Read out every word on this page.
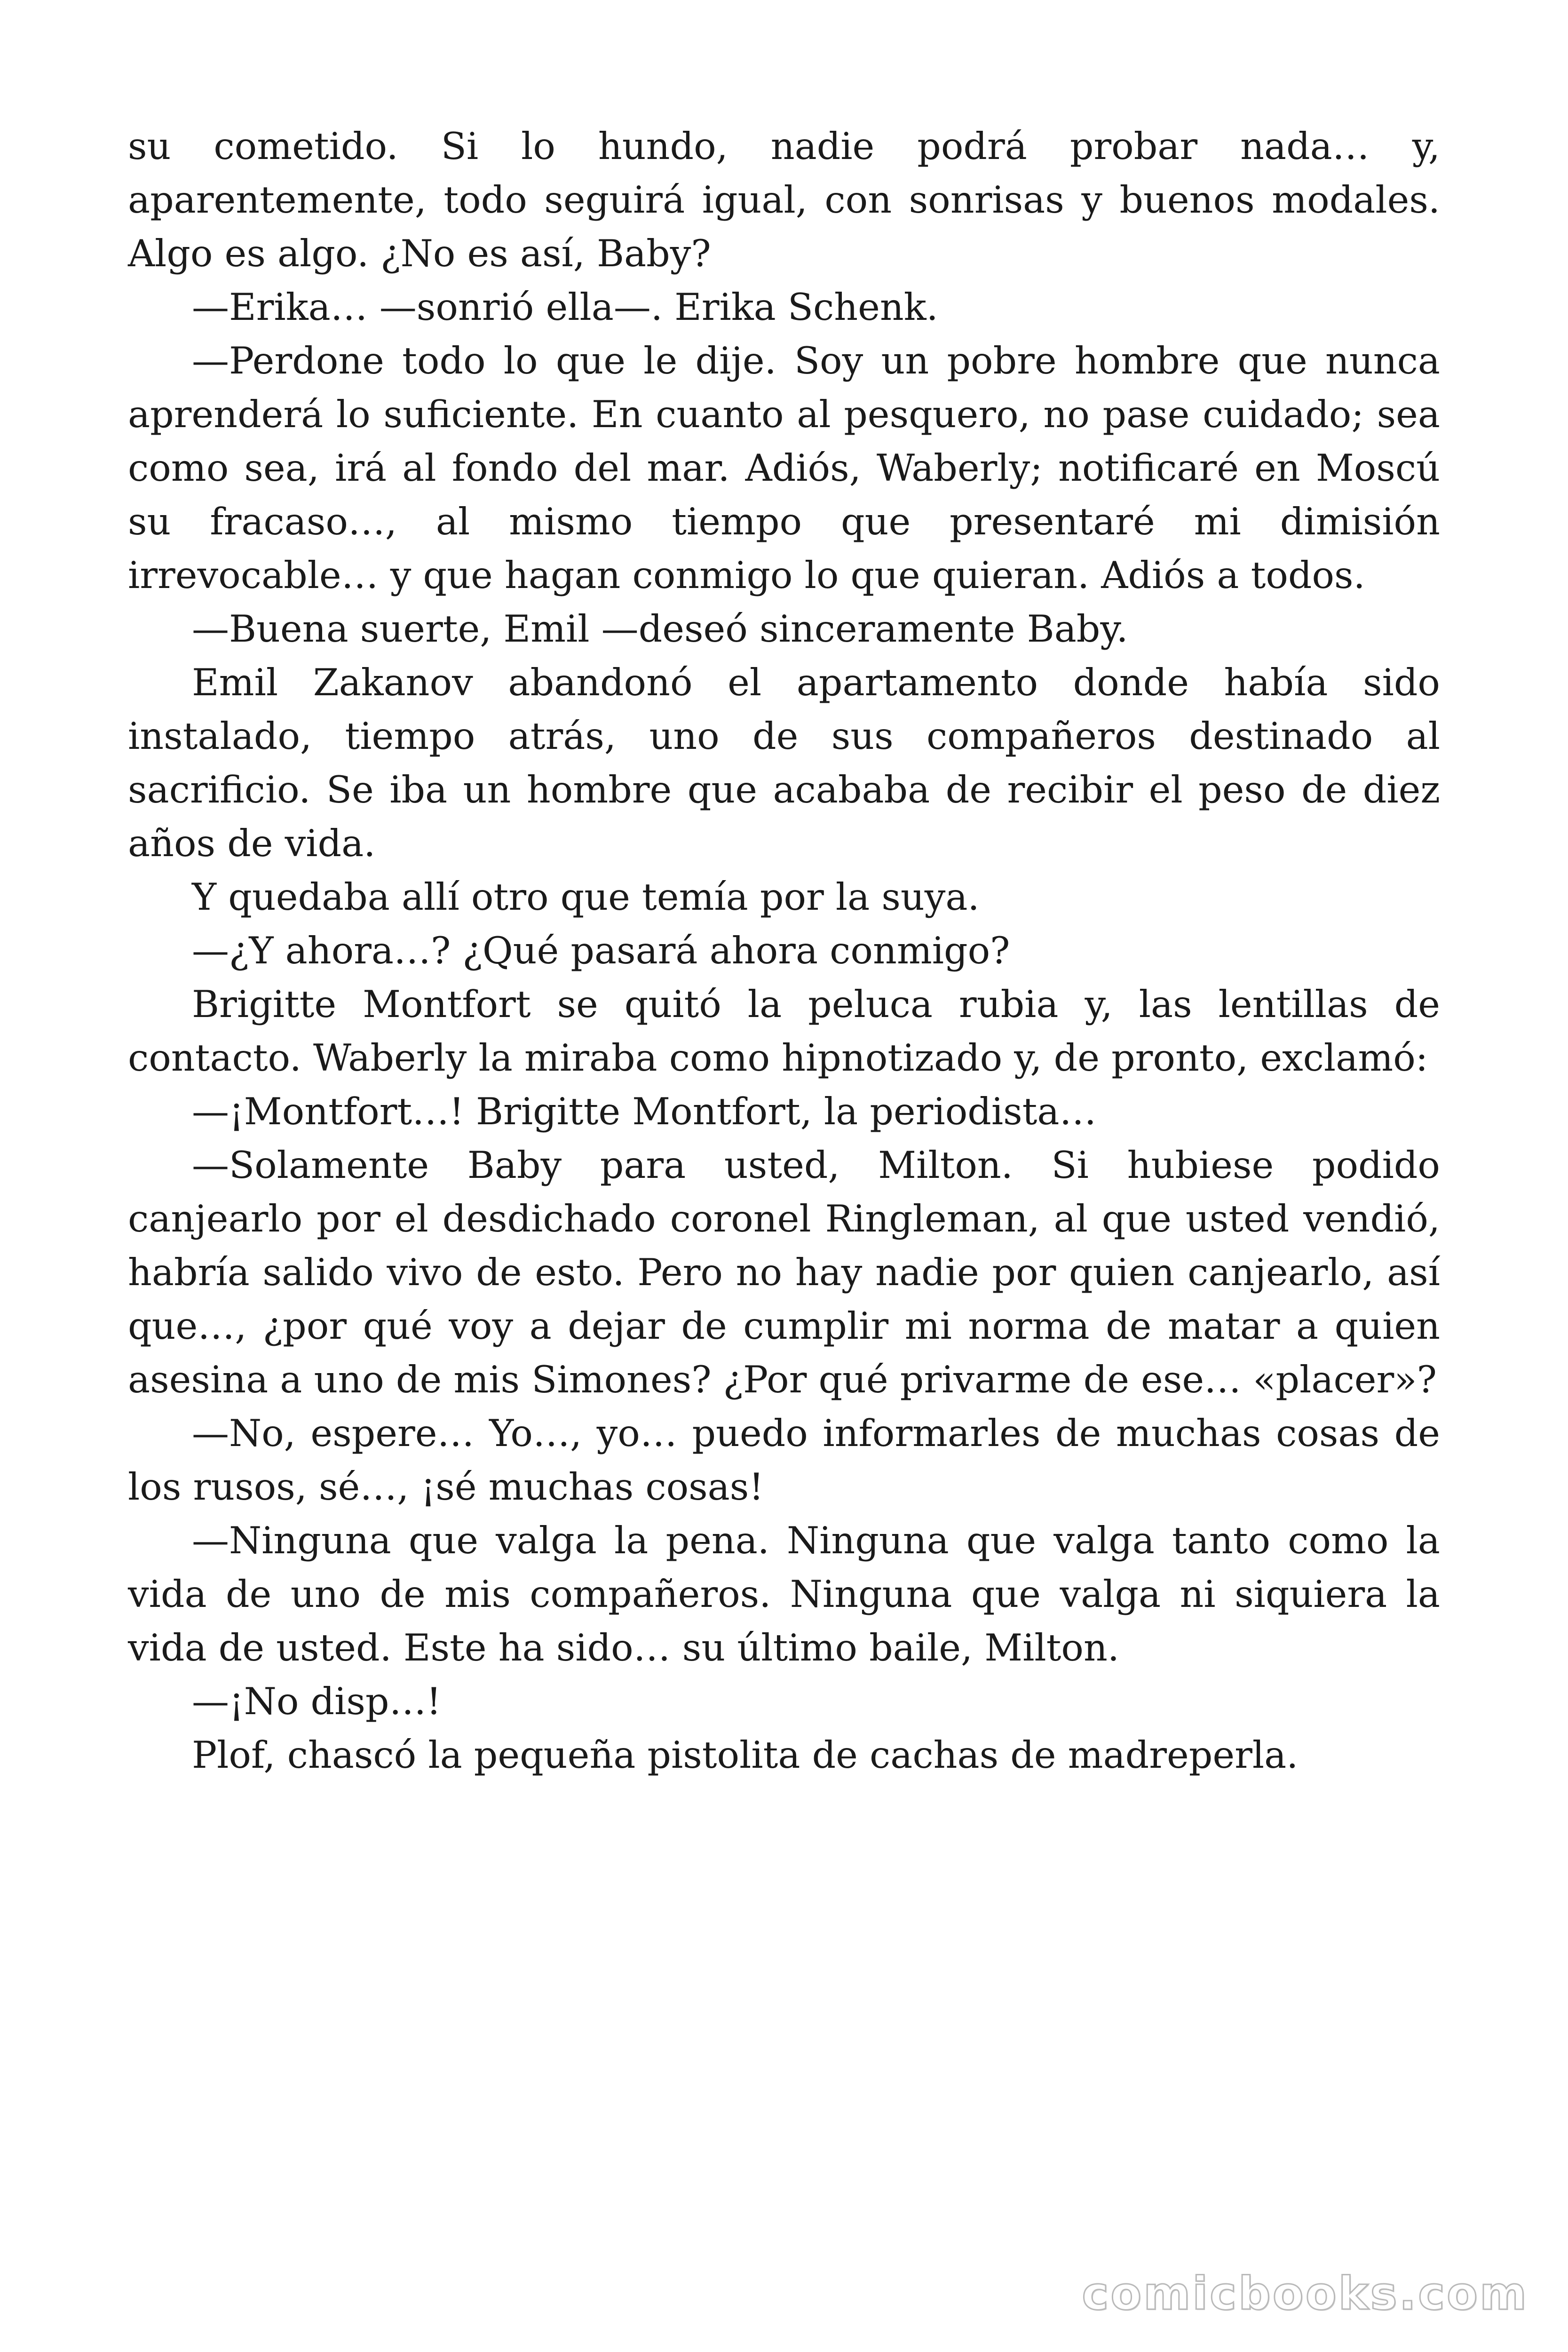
su cometido. Si lo hundo, nadie podrá probar nada… y, aparentemente, todo seguirá igual, con sonrisas y buenos modales. Algo es algo. ¿No es así, Baby?

—Erika… —sonrió ella—. Erika Schenk.

—Perdone todo lo que le dije. Soy un pobre hombre que nunca aprenderá lo suficiente. En cuanto al pesquero, no pase cuidado; sea como sea, irá al fondo del mar. Adiós, Waberly; notificaré en Moscú su fracaso…, al mismo tiempo que presentaré mi dimisión irrevocable… y que hagan conmigo lo que quieran. Adiós a todos.

—Buena suerte, Emil —deseó sinceramente Baby.

Emil Zakanov abandonó el apartamento donde había sido instalado, tiempo atrás, uno de sus compañeros destinado al sacrificio. Se iba un hombre que acababa de recibir el peso de diez años de vida.

Y quedaba allí otro que temía por la suya.

—¿Y ahora…? ¿Qué pasará ahora conmigo?

Brigitte Montfort se quitó la peluca rubia y, las lentillas de contacto. Waberly la miraba como hipnotizado y, de pronto, exclamó:

—¡Montfort…! Brigitte Montfort, la periodista…

—Solamente Baby para usted, Milton. Si hubiese podido canjearlo por el desdichado coronel Ringleman, al que usted vendió, habría salido vivo de esto. Pero no hay nadie por quien canjearlo, así que…, ¿por qué voy a dejar de cumplir mi norma de matar a quien asesina a uno de mis Simones? ¿Por qué privarme de ese… «placer»?

—No, espere… Yo…, yo… puedo informarles de muchas cosas de los rusos, sé…, ¡sé muchas cosas!

—Ninguna que valga la pena. Ninguna que valga tanto como la vida de uno de mis compañeros. Ninguna que valga ni siquiera la vida de usted. Este ha sido… su último baile, Milton.

—¡No disp…!

Plof, chascó la pequeña pistolita de cachas de madreperla.

comicbooks.com
